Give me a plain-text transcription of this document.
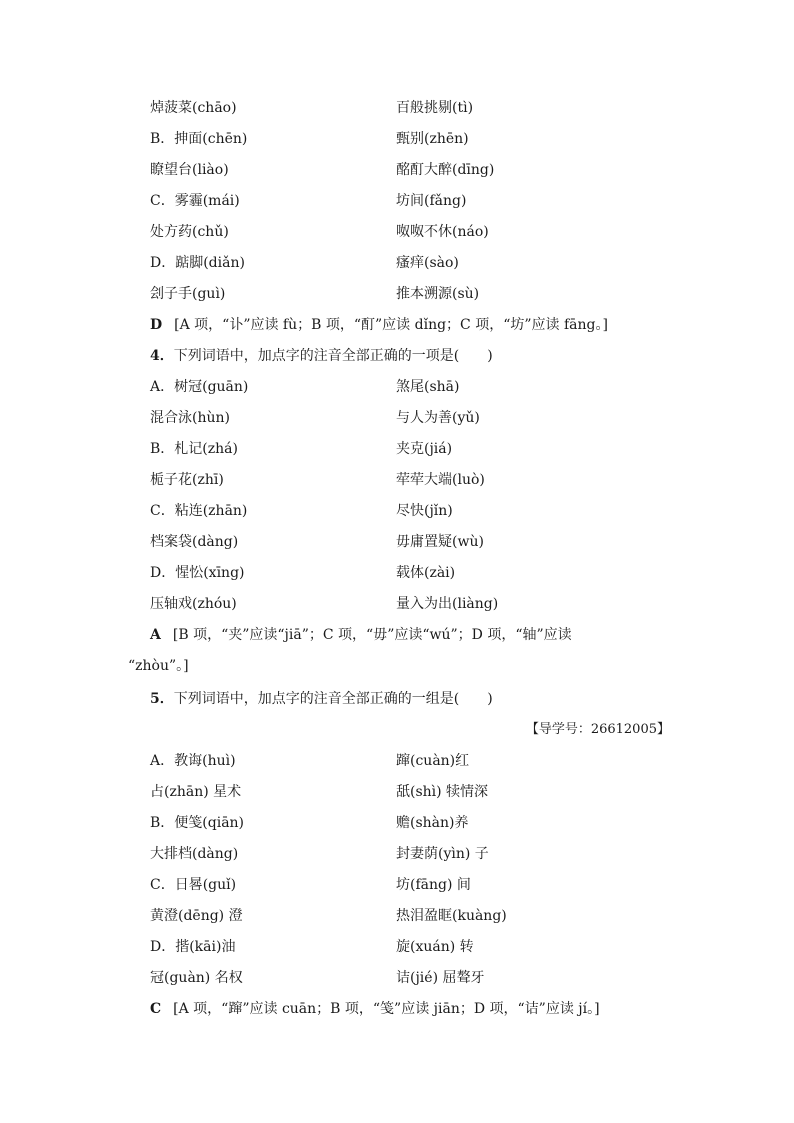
焯菠菜(chāo)	百般挑剔(tì)
B．抻面(chēn)	甄别(zhēn)
瞭望台(liào)	酩酊大醉(dīng)
C．雾霾(mái)	坊间(fǎng)
处方药(chǔ)	呶呶不休(náo)
D．踮脚(diǎn)	瘙痒(sào)
刽子手(guì)	推本溯源(sù)
D [A 项，“讣”应读 fù；B 项，“酊”应读 dǐng；C 项，“坊”应读 fāng。]
4．下列词语中，加点字的注音全部正确的一项是(　　)
A．树冠(guān)	煞尾(shā)
混合泳(hùn)	与人为善(yǔ)
B．札记(zhá)	夹克(jiá)
栀子花(zhī)	荦荦大端(luò)
C．粘连(zhān)	尽快(jǐn)
档案袋(dàng)	毋庸置疑(wù)
D．惺忪(xīng)	载体(zài)
压轴戏(zhóu)	量入为出(liàng)
A [B 项，“夹”应读“jiā”；C 项，“毋”应读“wú”；D 项，“轴”应读
“zhòu”。]
5．下列词语中，加点字的注音全部正确的一组是(　　)
【导学号：26612005】
A．教诲(huì)	蹿(cuàn)红
占(zhān) 星术	舐(shì) 犊情深
B．便笺(qiān)	赡(shàn)养
大排档(dàng)	封妻荫(yìn) 子
C．日晷(guǐ)	坊(fāng) 间
黄澄(dēng) 澄	热泪盈眶(kuàng)
D．揩(kāi)油	旋(xuán) 转
冠(guàn) 名权	诘(jié) 屈聱牙
C [A 项，“蹿”应读 cuān；B 项，“笺”应读 jiān；D 项，“诘”应读 jí。]
